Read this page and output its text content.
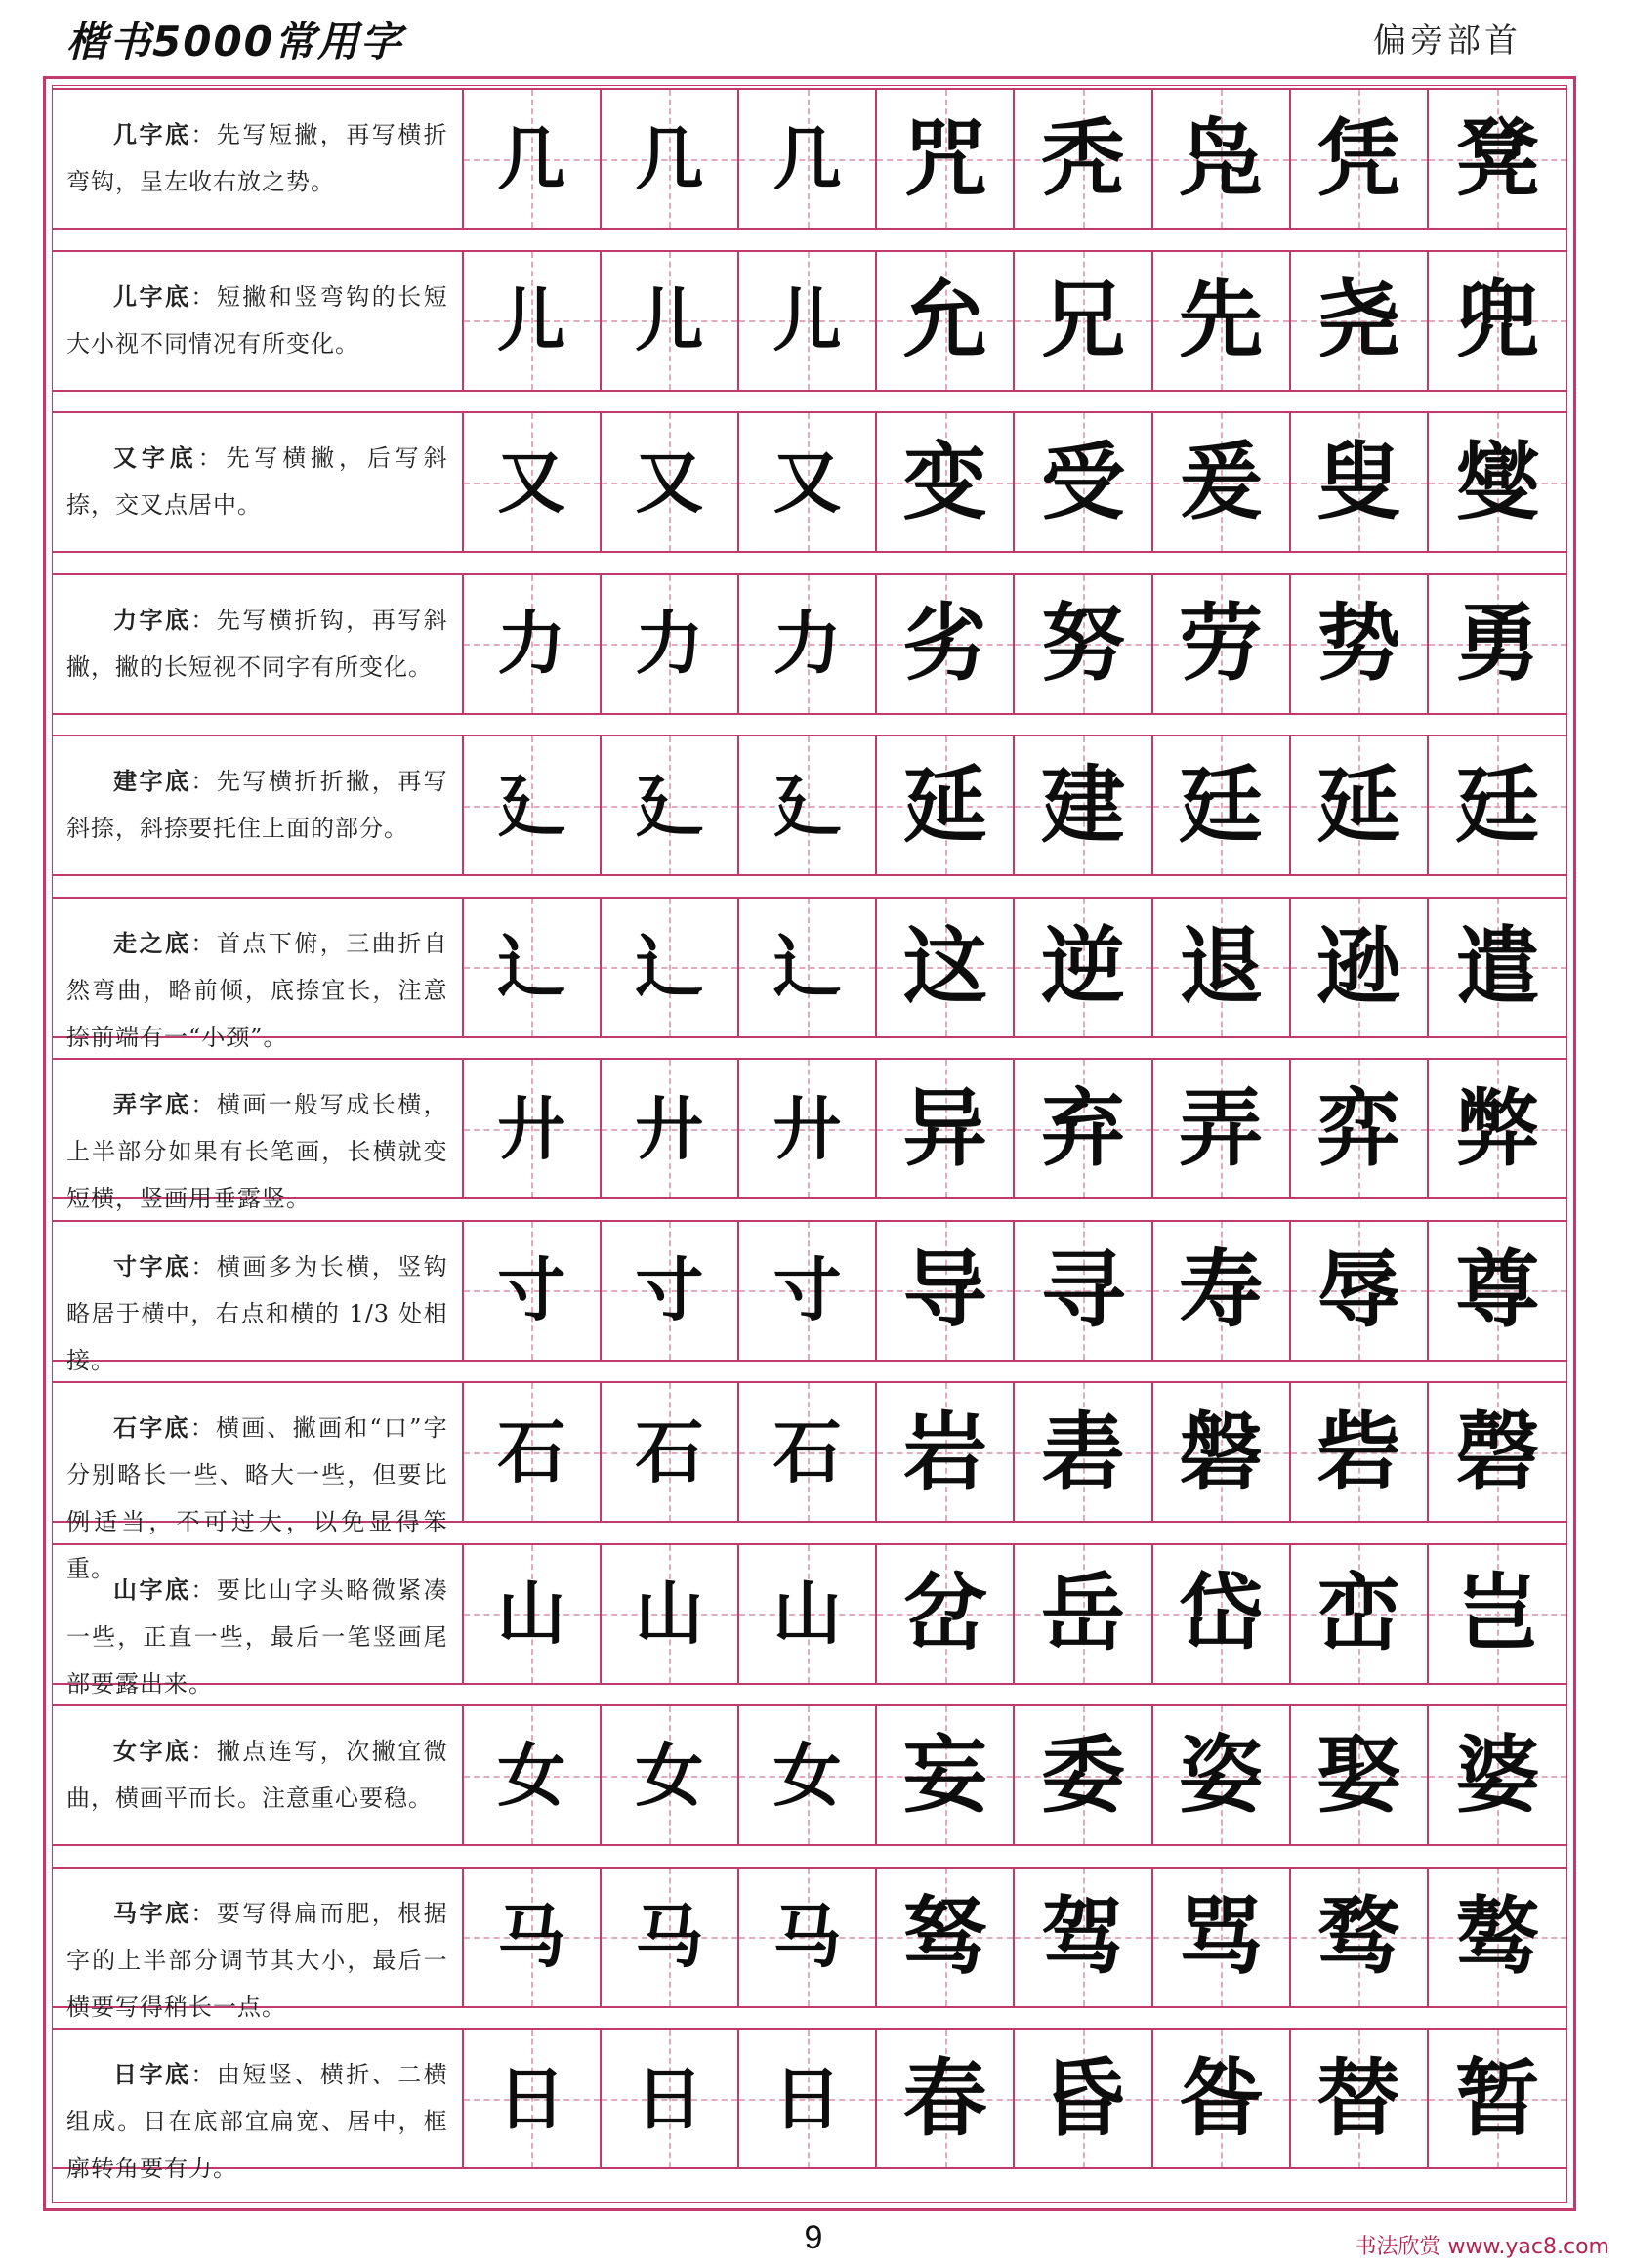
楷书5000常用字	偏旁部首
几字底：先写短撇，再写横折弯钩，呈左收右放之势。	几 几 几 咒 秃 凫 凭 凳
儿字底：短撇和竖弯钩的长短大小视不同情况有所变化。	儿 儿 儿 允 兄 先 尧 兜
又字底：先写横撇，后写斜捺，交叉点居中。	又 又 又 变 受 爰 叟 燮
力字底：先写横折钩，再写斜撇，撇的长短视不同字有所变化。 力 力 力 劣 努 劳 势 勇
建字底：先写横折折撇，再写斜捺，斜捺要托住上面的部分。	廴 廴 廴 延 建 廷 延 廷
走之底：首点下俯，三曲折自然弯曲，略前倾，底捺宜长，注意捺前端有一“小颈”。
辶 辶 辶 这 逆 退 逊 遣
弄字底：横画一般写成长横，上半部分如果有长笔画，长横就变短横，竖画用垂露竖。
廾 廾 廾 异 弃 弄 弈 弊
寸字底：横画多为长横，竖钩略居于横中，右点和横的 1/3 处相接。
寸 寸 寸 导 寻 寿 辱 尊
石字底：横画、撇画和“口”字分别略长一些、略大一些，但要比例适当，不可过大，以免显得笨重。
石 石 石 岩 砉 磐 砦 磬
山字底：要比山字头略微紧凑一些，正直一些，最后一笔竖画尾部要露出来。
山 山 山 岔 岳 岱 峦 岂
女字底：撇点连写，次撇宜微曲，横画平而长。注意重心要稳。 女 女 女 妄 委 姿 娶 婆
马字底：要写得扁而肥，根据字的上半部分调节其大小，最后一横要写得稍长一点。
马 马 马 驽 驾 骂 骛 骜
日字底：由短竖、横折、二横组成。日在底部宜扁宽、居中，框廓转角要有力。
日 日 日 春 昏 昝 替 暂
9	书法欣赏 www.yac8.com
